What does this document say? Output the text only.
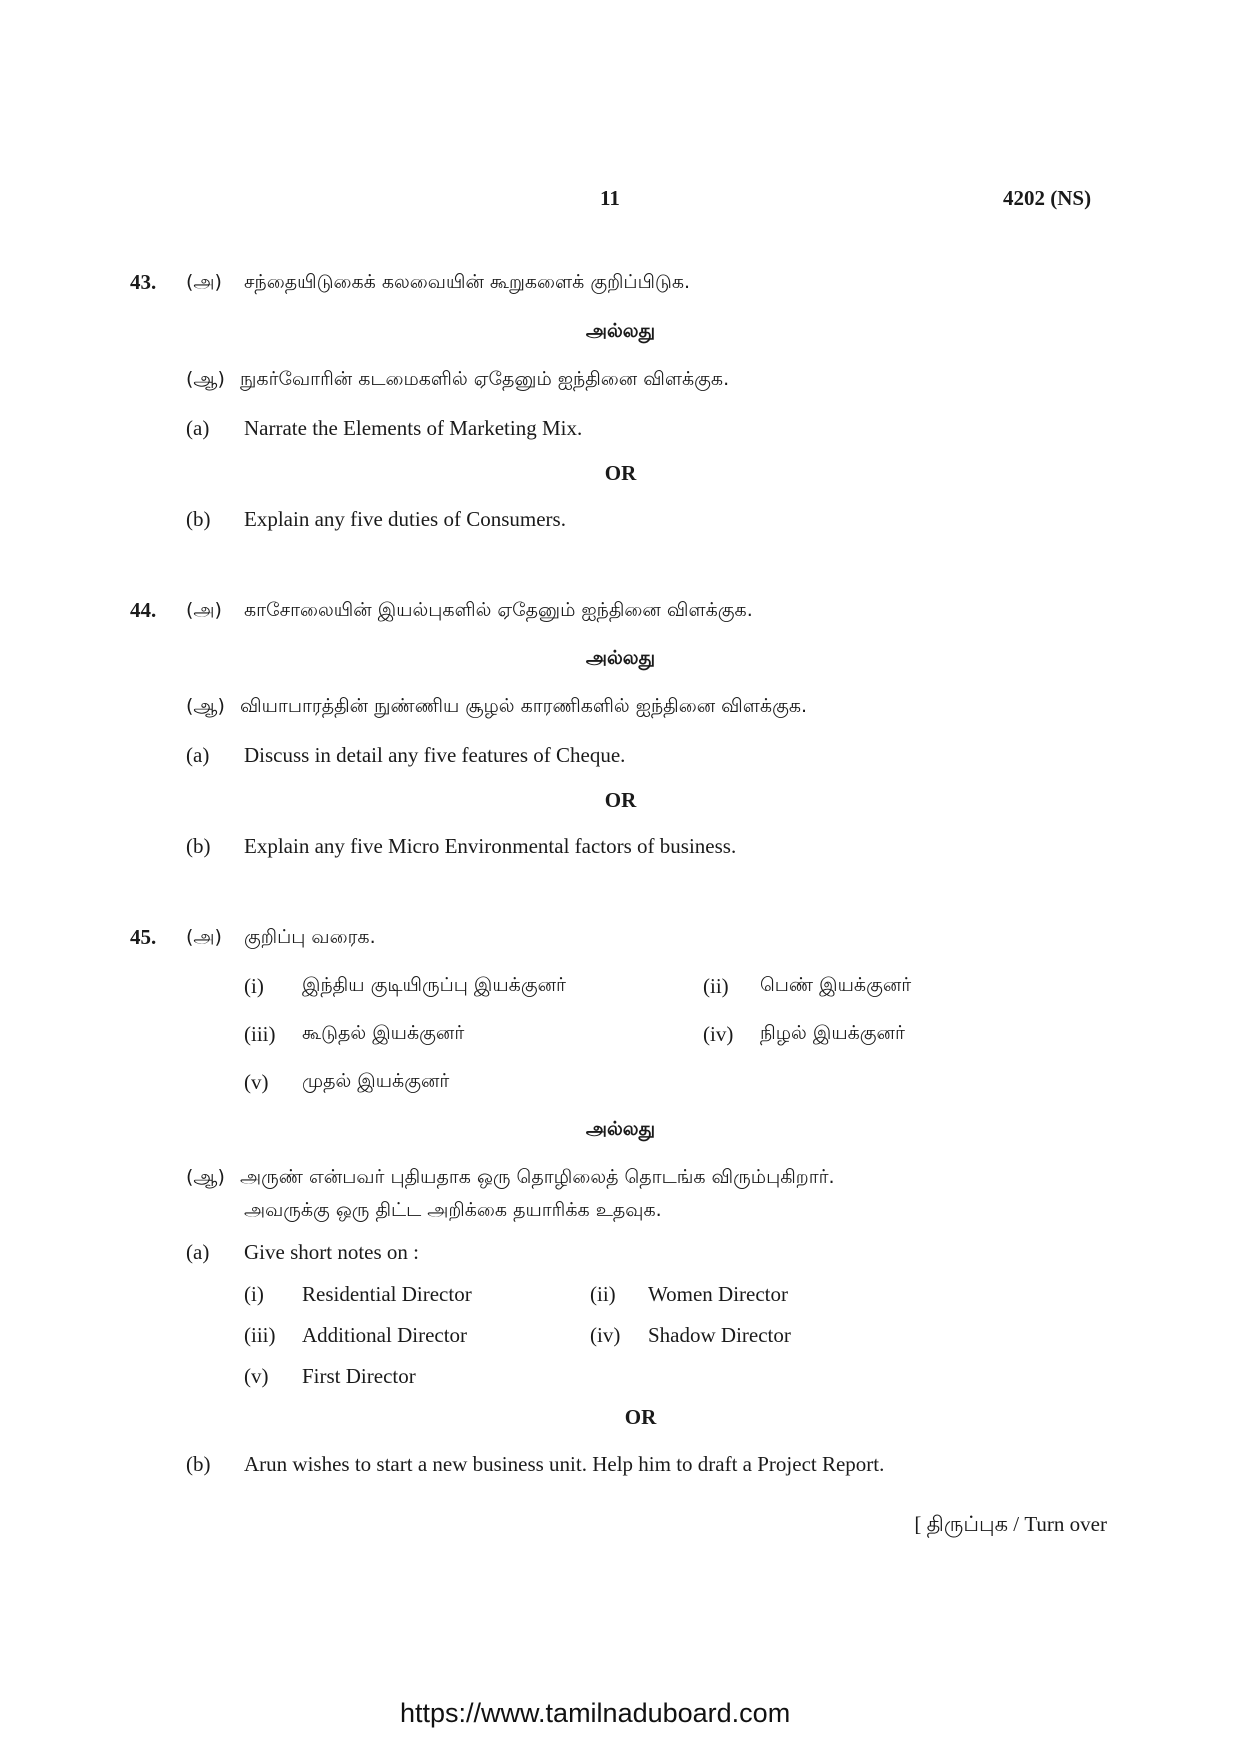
11	4202 (NS)
43. (அ) சந்தையிடுகைக் கலவையின் கூறுகளைக் குறிப்பிடுக.
அல்லது
(ஆ) நுகர்வோரின் கடமைகளில் ஏதேனும் ஐந்தினை விளக்குக.
(a) Narrate the Elements of Marketing Mix.
OR
(b) Explain any five duties of Consumers.
44. (அ) காசோலையின் இயல்புகளில் ஏதேனும் ஐந்தினை விளக்குக.
அல்லது
(ஆ) வியாபாரத்தின் நுண்ணிய சூழல் காரணிகளில் ஐந்தினை விளக்குக.
(a) Discuss in detail any five features of Cheque.
OR
(b) Explain any five Micro Environmental factors of business.
45. (அ) குறிப்பு வரைக.
(i) இந்திய குடியிருப்பு இயக்குனர்	(ii) பெண் இயக்குனர்
(iii) கூடுதல் இயக்குனர்	(iv) நிழல் இயக்குனர்
(v) முதல் இயக்குனர்
அல்லது
(ஆ) அருண் என்பவர் புதியதாக ஒரு தொழிலைத் தொடங்க விரும்புகிறார்.
அவருக்கு ஒரு திட்ட அறிக்கை தயாரிக்க உதவுக.
(a) Give short notes on :
(i) Residential Director	(ii) Women Director
(iii) Additional Director	(iv) Shadow Director
(v) First Director
OR
(b) Arun wishes to start a new business unit. Help him to draft a Project Report.
[ திருப்புக / Turn over
https://www.tamilnaduboard.com
